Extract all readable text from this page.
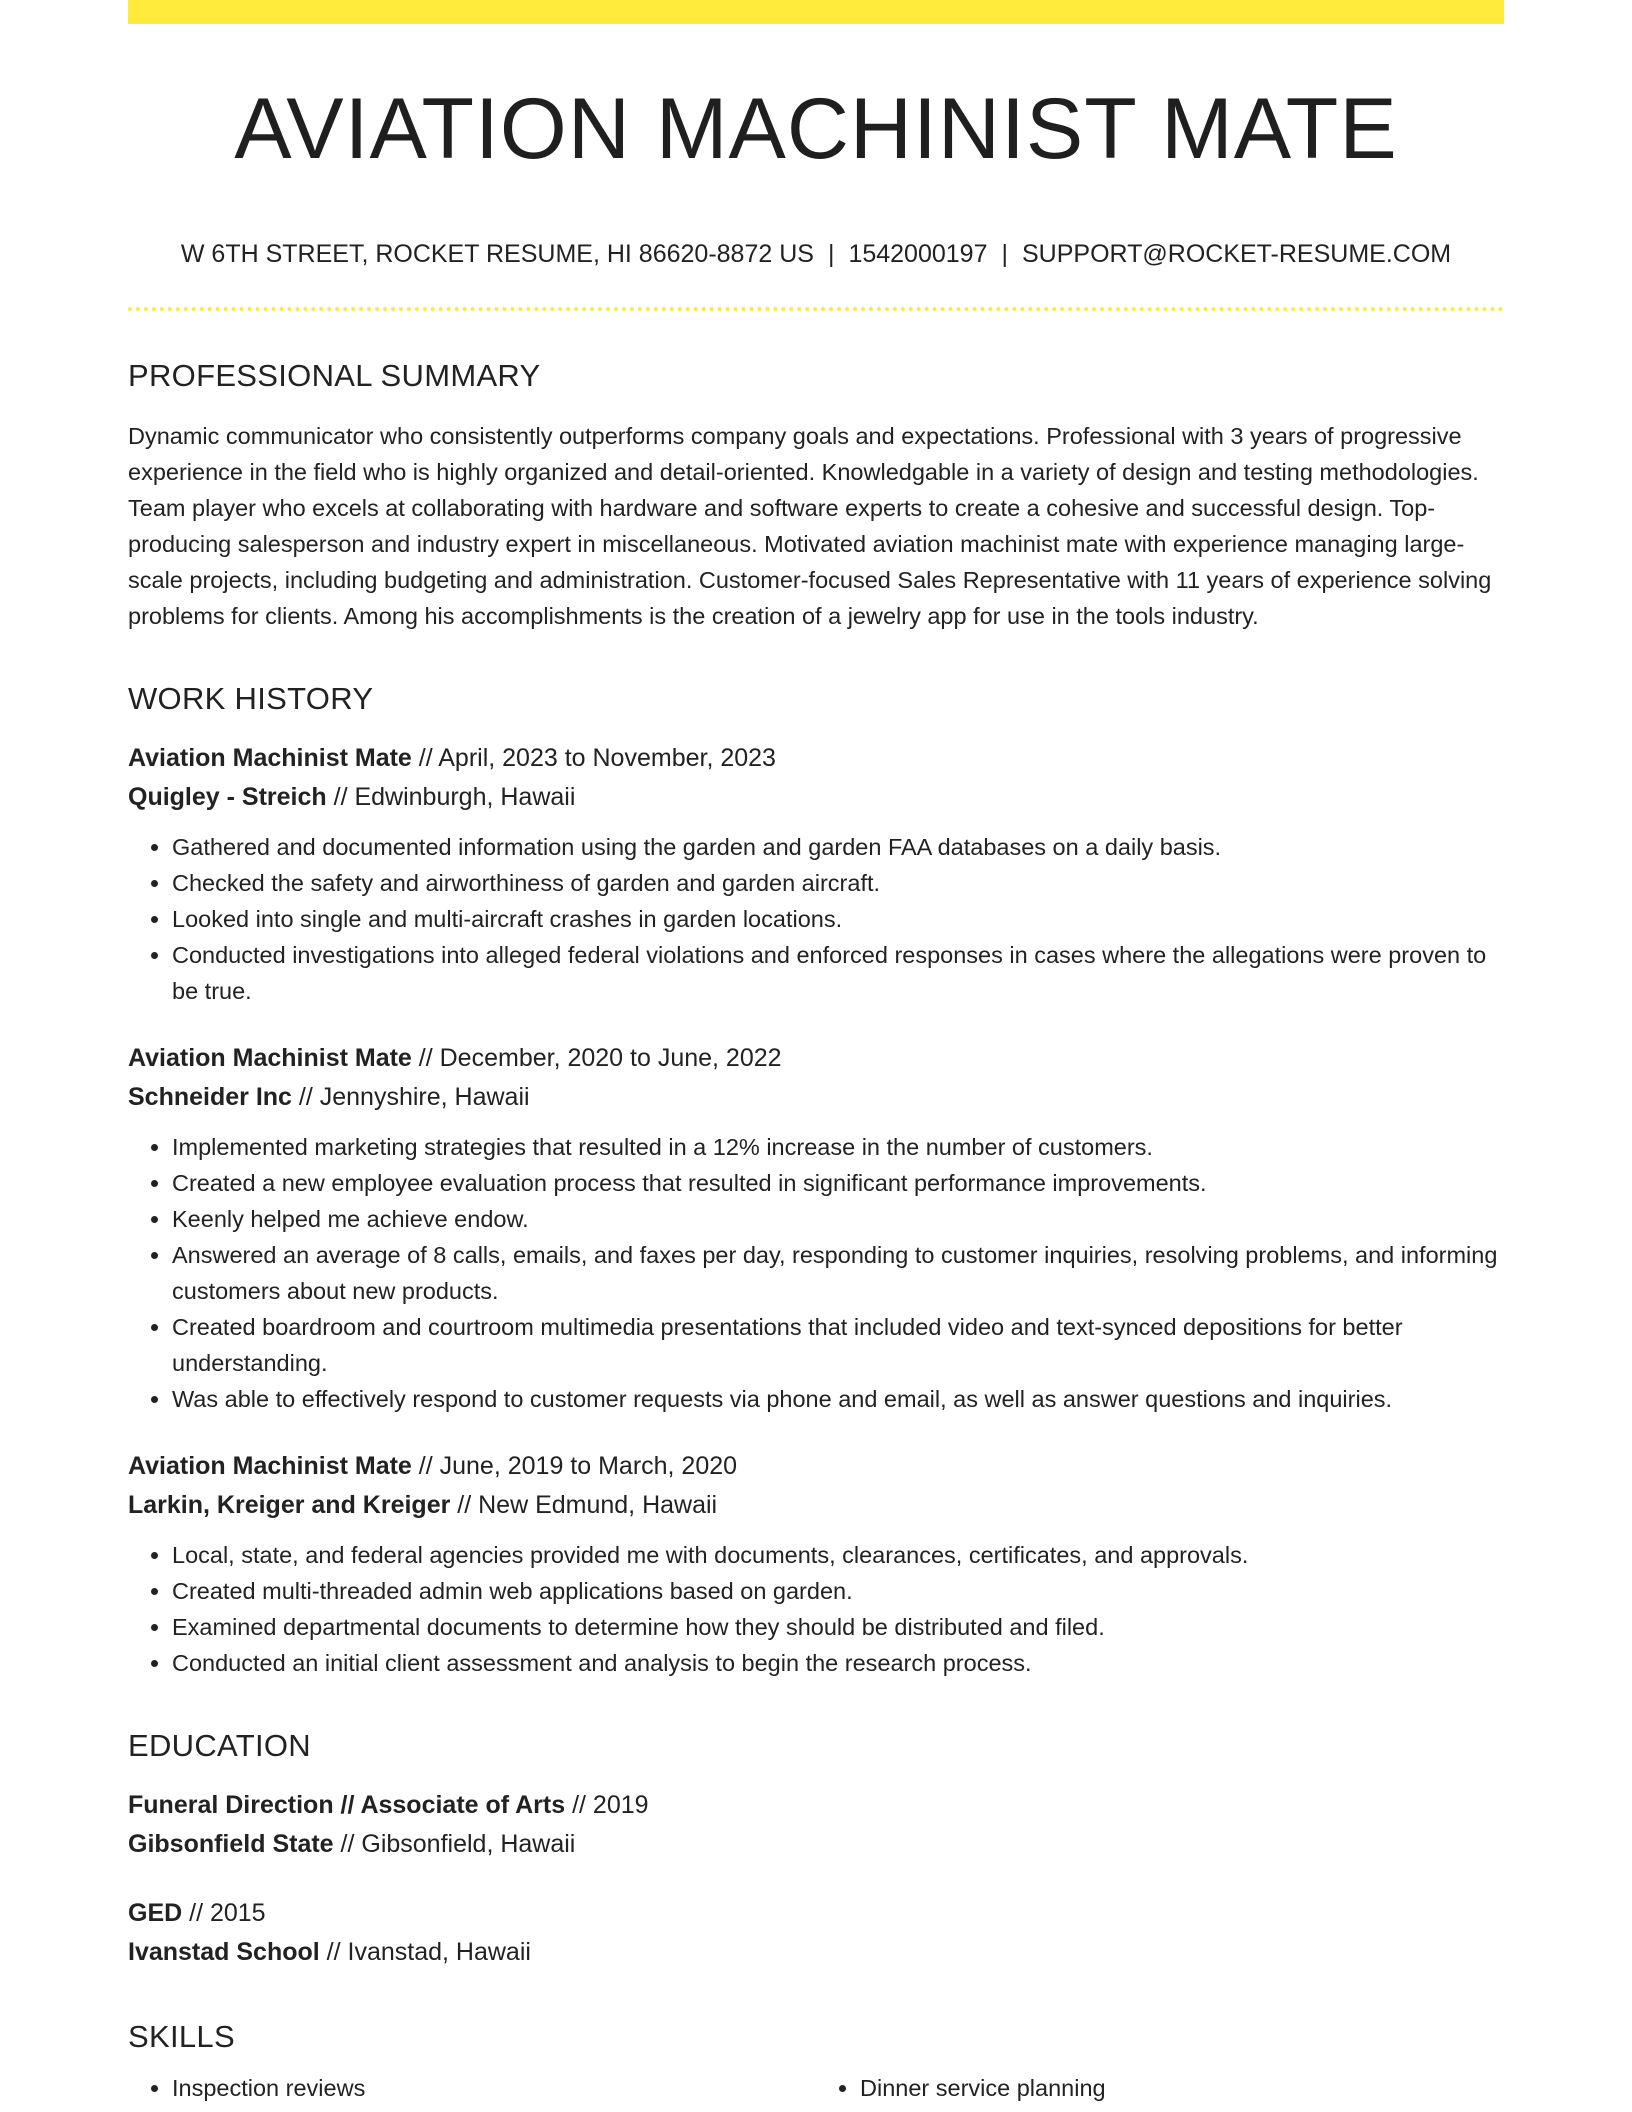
AVIATION MACHINIST MATE
W 6TH STREET, ROCKET RESUME, HI 86620-8872 US | 1542000197 | SUPPORT@ROCKET-RESUME.COM
PROFESSIONAL SUMMARY

Dynamic communicator who consistently outperforms company goals and expectations. Professional with 3 years of progressive experience in the field who is highly organized and detail-oriented. Knowledgable in a variety of design and testing methodologies. Team player who excels at collaborating with hardware and software experts to create a cohesive and successful design. Top-producing salesperson and industry expert in miscellaneous. Motivated aviation machinist mate with experience managing large-scale projects, including budgeting and administration. Customer-focused Sales Representative with 11 years of experience solving problems for clients. Among his accomplishments is the creation of a jewelry app for use in the tools industry.

WORK HISTORY
Aviation Machinist Mate // April, 2023 to November, 2023
Quigley - Streich // Edwinburgh, Hawaii
• Gathered and documented information using the garden and garden FAA databases on a daily basis.
• Checked the safety and airworthiness of garden and garden aircraft.
• Looked into single and multi-aircraft crashes in garden locations.
• Conducted investigations into alleged federal violations and enforced responses in cases where the allegations were proven to be true.
Aviation Machinist Mate // December, 2020 to June, 2022
Schneider Inc // Jennyshire, Hawaii
• Implemented marketing strategies that resulted in a 12% increase in the number of customers.
• Created a new employee evaluation process that resulted in significant performance improvements.
• Keenly helped me achieve endow.
• Answered an average of 8 calls, emails, and faxes per day, responding to customer inquiries, resolving problems, and informing customers about new products.
• Created boardroom and courtroom multimedia presentations that included video and text-synced depositions for better understanding.
• Was able to effectively respond to customer requests via phone and email, as well as answer questions and inquiries.
Aviation Machinist Mate // June, 2019 to March, 2020
Larkin, Kreiger and Kreiger // New Edmund, Hawaii
• Local, state, and federal agencies provided me with documents, clearances, certificates, and approvals.
• Created multi-threaded admin web applications based on garden.
• Examined departmental documents to determine how they should be distributed and filed.
• Conducted an initial client assessment and analysis to begin the research process.
EDUCATION
Funeral Direction // Associate of Arts // 2019
Gibsonfield State // Gibsonfield, Hawaii
GED // 2015
Ivanstad School // Ivanstad, Hawaii
SKILLS
• Inspection reviews
•	Dinner service planning
